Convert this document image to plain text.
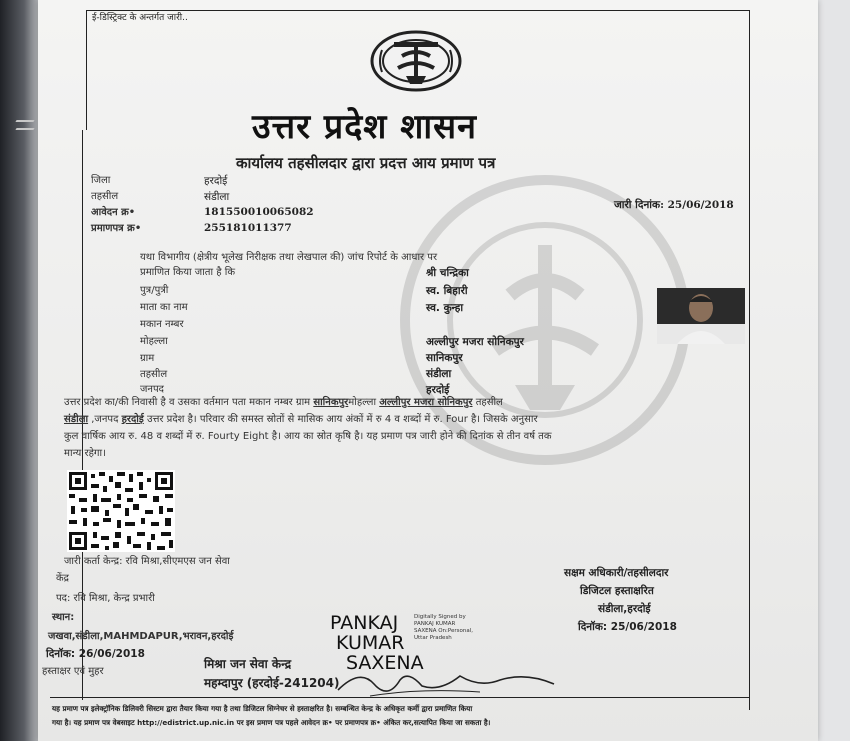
ई-डिस्ट्रिक्ट के अन्तर्गत जारी..
उत्तर प्रदेश शासन
कार्यालय तहसीलदार द्वारा प्रदत्त आय प्रमाण पत्र
जिला	हरदोई
तहसील	संडीला
आवेदन क्र•	181550010065082
प्रमाणपत्र क्र•	255181011377
जारी दिनांक: 25/06/2018
यथा विभागीय (क्षेत्रीय भूलेख निरीक्षक तथा लेखपाल की) जांच रिपोर्ट के आधार पर
प्रमाणित किया जाता है कि	श्री चन्द्रिका
पुत्र/पुत्री	स्व. बिहारी
माता का नाम	स्व. कुन्हा
मकान नम्बर
मोहल्ला	अल्लीपुर मजरा सोनिकपुर
ग्राम	सानिकपुर
तहसील	संडीला
जनपद	हरदोई
उत्तर प्रदेश का/की निवासी है व उसका वर्तमान पता मकान नम्बर ग्राम सानिकपुरमोहल्ला अल्लीपुर मजरा सोनिकपुर तहसील
संडीला ,जनपद हरदोई उत्तर प्रदेश है। परिवार की समस्त स्रोतों से मासिक आय अंकों में रु 4 व शब्दों में रु. Four है। जिसके अनुसार
कुल वार्षिक आय रु. 48 व शब्दों में रु. Fourty Eight है। आय का स्रोत कृषि है। यह प्रमाण पत्र जारी होने की दिनांक से तीन वर्ष तक
मान्य रहेगा।
जारी कर्ता केन्द्र: रवि मिश्रा,सीएमएस जन सेवा
केंद्र
पद: रवि मिश्रा, केन्द्र प्रभारी
स्थान:
जखवा,संडीला,MAHMDAPUR,भरावन,हरदोई
दिनॉक: 26/06/2018
हस्ताक्षर एवं मुहर
मिश्रा जन सेवा केन्द्र
महम्दापुर (हरदोई-241204)
PANKAJ
KUMAR
SAXENA
Digitally Signed by
PANKAJ KUMAR
SAXENA On:Personal,
Uttar Pradesh
सक्षम अधिकारी/तहसीलदार
डिजिटल हस्ताक्षरित
संडीला,हरदोई
दिनॉक: 25/06/2018
यह प्रमाण पत्र इलेक्ट्रॉनिक डिलिवरी सिस्टम द्वारा तैयार किया गया है तथा डिजिटल सिग्नेचर से हस्ताक्षरित है। सम्बन्धित केन्द्र के अधिकृत कर्मी द्वारा प्रमाणित किया
गया है। यह प्रमाण पत्र वेबसाइट http://edistrict.up.nic.in पर इस प्रमाण पत्र पहले आवेदन क्र• पर प्रमाणपत्र क्र• अंकित कर,सत्यापित किया जा सकता है।
